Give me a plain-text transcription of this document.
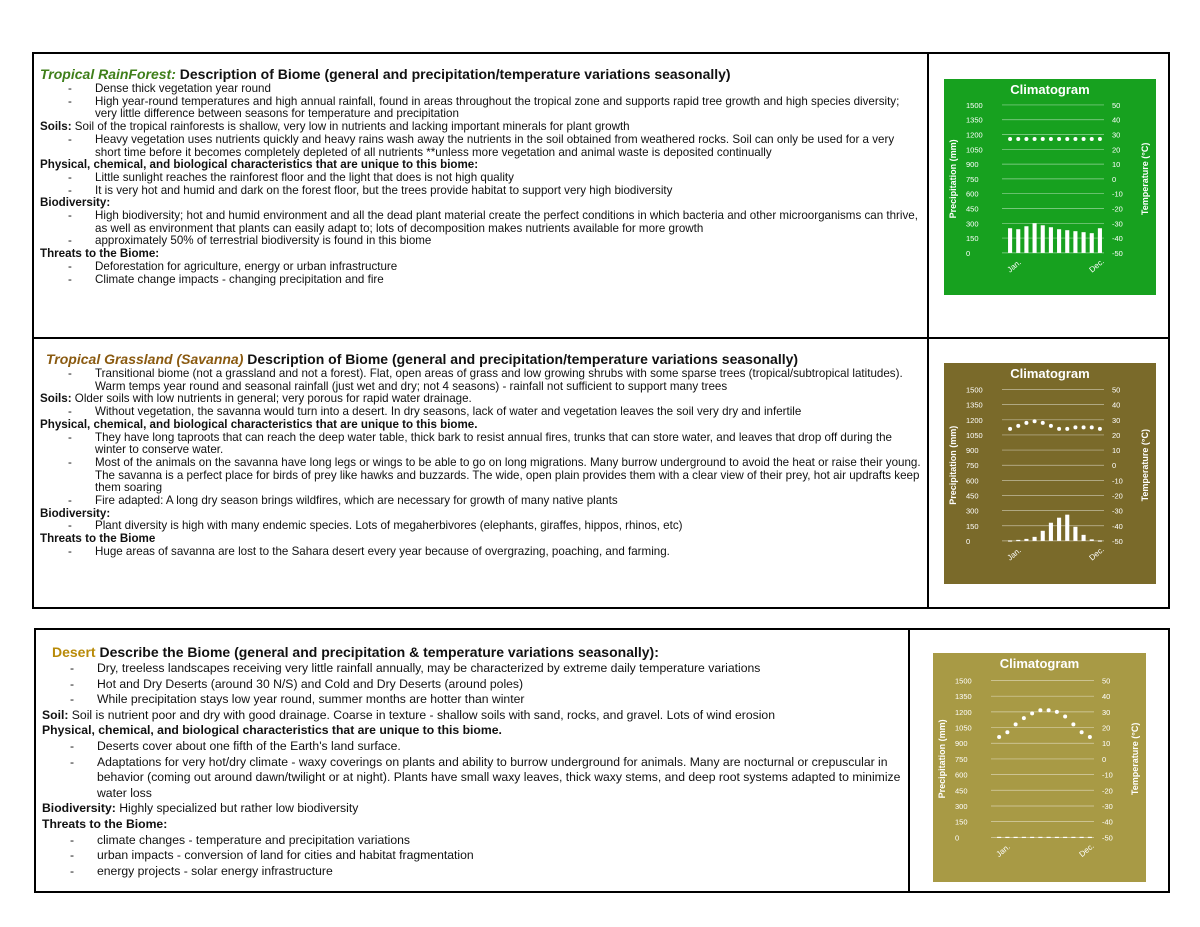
Tropical RainForest: Description of Biome (general and precipitation/temperature variations seasonally)
- Dense thick vegetation year round
- High year-round temperatures and high annual rainfall, found in areas throughout the tropical zone and supports rapid tree growth and high species diversity; very little difference between seasons for temperature and precipitation
Soils: Soil of the tropical rainforests is shallow, very low in nutrients and lacking important minerals for plant growth
- Heavy vegetation uses nutrients quickly and heavy rains wash away the nutrients in the soil obtained from weathered rocks. Soil can only be used for a very short time before it becomes completely depleted of all nutrients **unless more vegetation and animal waste is deposited continually
Physical, chemical, and biological characteristics that are unique to this biome:
- Little sunlight reaches the rainforest floor and the light that does is not high quality
- It is very hot and humid and dark on the forest floor, but the trees provide habitat to support very high biodiversity
Biodiversity:
- High biodiversity; hot and humid environment and all the dead plant material create the perfect conditions in which bacteria and other microorganisms can thrive, as well as environment that plants can easily adapt to; lots of decomposition makes nutrients available for more growth
- approximately 50% of terrestrial biodiversity is found in this biome
Threats to the Biome:
- Deforestation for agriculture, energy or urban infrastructure
- Climate change impacts - changing precipitation and fire
Tropical Grassland (Savanna) Description of Biome (general and precipitation/temperature variations seasonally)
- Transitional biome (not a grassland and not a forest). Flat, open areas of grass and low growing shrubs with some sparse trees (tropical/subtropical latitudes). Warm temps year round and seasonal rainfall (just wet and dry; not 4 seasons) - rainfall not sufficient to support many trees
Soils: Older soils with low nutrients in general; very porous for rapid water drainage.
- Without vegetation, the savanna would turn into a desert. In dry seasons, lack of water and vegetation leaves the soil very dry and infertile
Physical, chemical, and biological characteristics that are unique to this biome.
- They have long taproots that can reach the deep water table, thick bark to resist annual fires, trunks that can store water, and leaves that drop off during the winter to conserve water.
- Most of the animals on the savanna have long legs or wings to be able to go on long migrations. Many burrow underground to avoid the heat or raise their young. The savanna is a perfect place for birds of prey like hawks and buzzards. The wide, open plain provides them with a clear view of their prey, hot air updrafts keep them soaring
- Fire adapted: A long dry season brings wildfires, which are necessary for growth of many native plants
Biodiversity:
- Plant diversity is high with many endemic species. Lots of megaherbivores (elephants, giraffes, hippos, rhinos, etc)
Threats to the Biome
- Huge areas of savanna are lost to the Sahara desert every year because of overgrazing, poaching, and farming.
Desert Describe the Biome (general and precipitation & temperature variations seasonally):
- Dry, treeless landscapes receiving very little rainfall annually, may be characterized by extreme daily temperature variations
- Hot and Dry Deserts (around 30 N/S) and Cold and Dry Deserts (around poles)
- While precipitation stays low year round, summer months are hotter than winter
Soil: Soil is nutrient poor and dry with good drainage. Coarse in texture - shallow soils with sand, rocks, and gravel. Lots of wind erosion
Physical, chemical, and biological characteristics that are unique to this biome.
- Deserts cover about one fifth of the Earth's land surface.
- Adaptations for very hot/dry climate - waxy coverings on plants and ability to burrow underground for animals. Many are nocturnal or crepuscular in behavior (coming out around dawn/twilight or at night). Plants have small waxy leaves, thick waxy stems, and deep root systems adapted to minimize water loss
Biodiversity: Highly specialized but rather low biodiversity
Threats to the Biome:
- climate changes - temperature and precipitation variations
- urban impacts - conversion of land for cities and habitat fragmentation
- energy projects - solar energy infrastructure
Climatogram
1500	50
1350	40
1200	30
1050	20
900	10
750	0
600	-10
450	-20
300	-30
150	-40
0	-50
Precipitation (mm)	Temperature (°C)
Jan.	Dec.
Climatogram
1500	50
1350	40
1200	30
1050	20
900	10
750	0
600	-10
450	-20
300	-30
150	-40
0	-50
Precipitation (mm)	Temperature (°C)
Jan.	Dec.
Climatogram
1500	50
1350	40
1200	30
1050	20
900	10
750	0
600	-10
450	-20
300	-30
150	-40
0	-50
Precipitation (mm)	Temperature (°C)
Jan.	Dec.
